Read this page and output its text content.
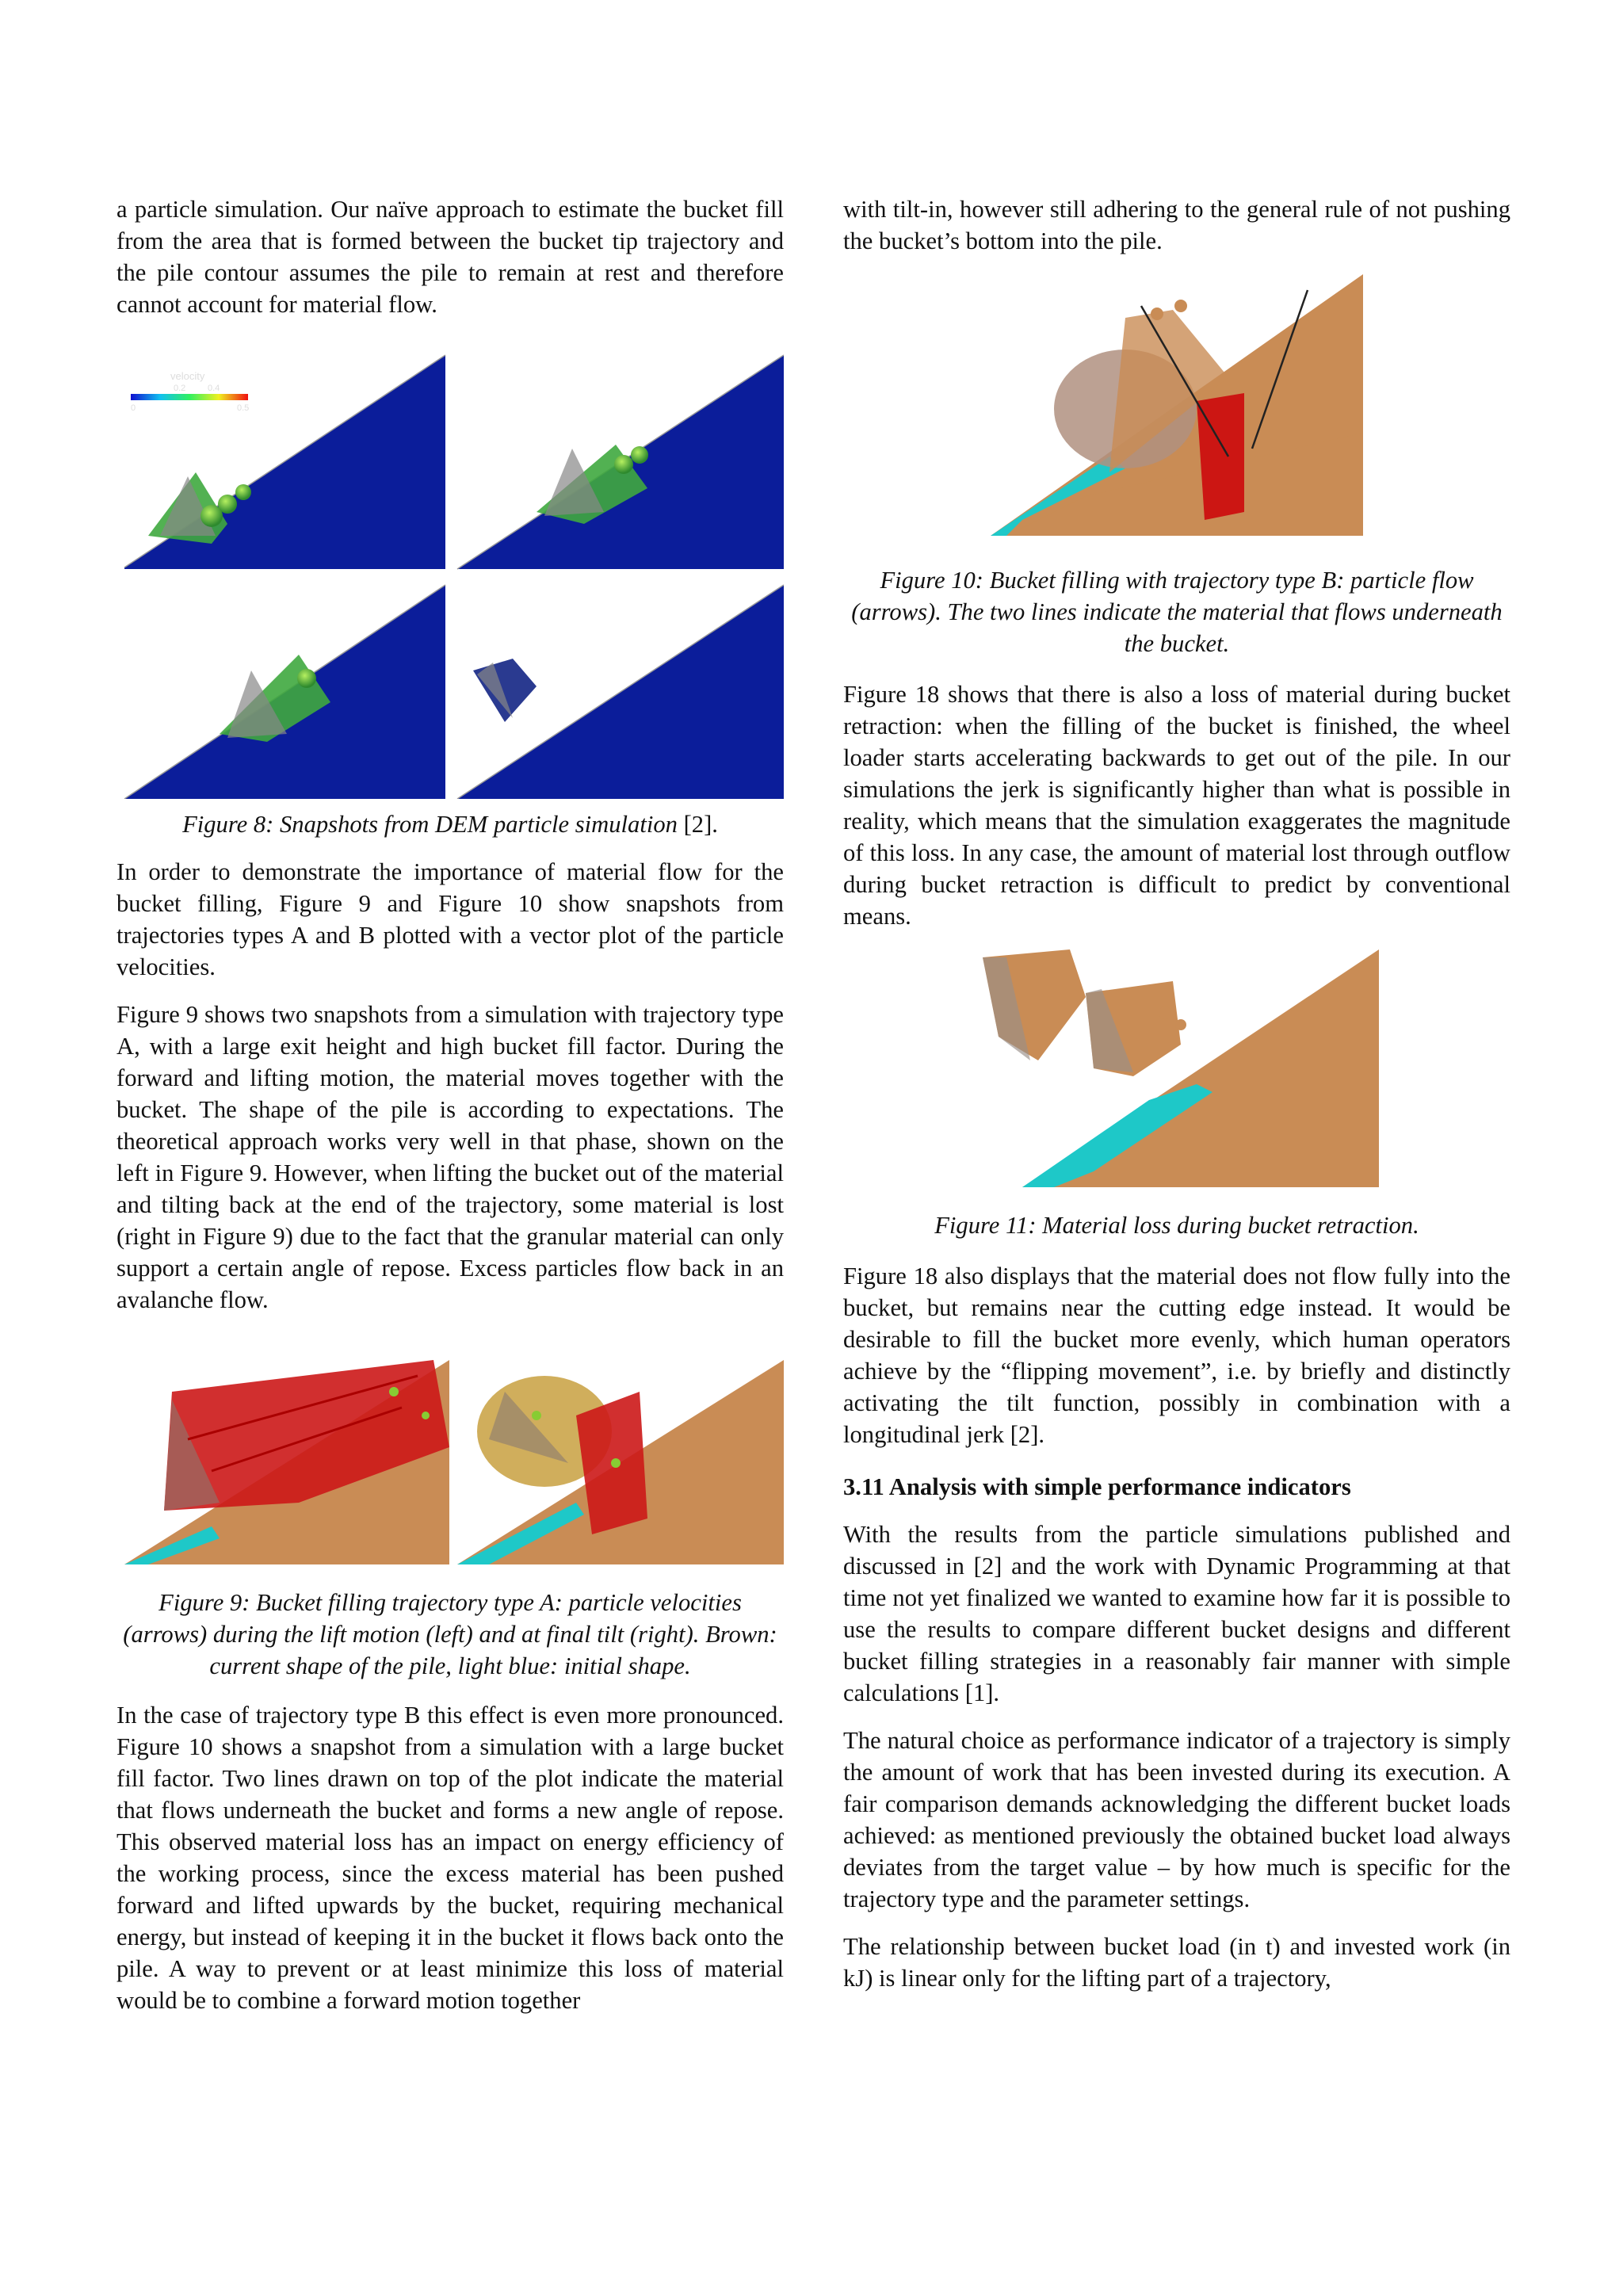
a particle simulation. Our naïve approach to estimate the bucket fill from the area that is formed between the bucket tip trajectory and the pile contour assumes the pile to remain at rest and therefore cannot account for material flow.

velocity
0.2	0.4
0	0.5

Figure 8: Snapshots from DEM particle simulation [2].

In order to demonstrate the importance of material flow for the bucket filling, Figure 9 and Figure 10 show snapshots from trajectories types A and B plotted with a vector plot of the particle velocities.

Figure 9 shows two snapshots from a simulation with trajectory type A, with a large exit height and high bucket fill factor. During the forward and lifting motion, the material moves together with the bucket. The shape of the pile is according to expectations. The theoretical approach works very well in that phase, shown on the left in Figure 9. However, when lifting the bucket out of the material and tilting back at the end of the trajectory, some material is lost (right in Figure 9) due to the fact that the granular material can only support a certain angle of repose. Excess particles flow back in an avalanche flow.

Figure 9: Bucket filling trajectory type A: particle velocities (arrows) during the lift motion (left) and at final tilt (right). Brown: current shape of the pile, light blue: initial shape.

In the case of trajectory type B this effect is even more pronounced. Figure 10 shows a snapshot from a simulation with a large bucket fill factor. Two lines drawn on top of the plot indicate the material that flows underneath the bucket and forms a new angle of repose. This observed material loss has an impact on energy efficiency of the working process, since the excess material has been pushed forward and lifted upwards by the bucket, requiring mechanical energy, but instead of keeping it in the bucket it flows back onto the pile. A way to prevent or at least minimize this loss of material would be to combine a forward motion together

with tilt-in, however still adhering to the general rule of not pushing the bucket’s bottom into the pile.

Figure 10: Bucket filling with trajectory type B: particle flow (arrows). The two lines indicate the material that flows underneath the bucket.

Figure 18 shows that there is also a loss of material during bucket retraction: when the filling of the bucket is finished, the wheel loader starts accelerating backwards to get out of the pile. In our simulations the jerk is significantly higher than what is possible in reality, which means that the simulation exaggerates the magnitude of this loss. In any case, the amount of material lost through outflow during bucket retraction is difficult to predict by conventional means.

Figure 11: Material loss during bucket retraction.

Figure 18 also displays that the material does not flow fully into the bucket, but remains near the cutting edge instead. It would be desirable to fill the bucket more evenly, which human operators achieve by the “flipping movement”, i.e. by briefly and distinctly activating the tilt function, possibly in combination with a longitudinal jerk [2].

3.11 Analysis with simple performance indicators

With the results from the particle simulations published and discussed in [2] and the work with Dynamic Programming at that time not yet finalized we wanted to examine how far it is possible to use the results to compare different bucket designs and different bucket filling strategies in a reasonably fair manner with simple calculations [1].

The natural choice as performance indicator of a trajectory is simply the amount of work that has been invested during its execution. A fair comparison demands acknowledging the different bucket loads achieved: as mentioned previously the obtained bucket load always deviates from the target value – by how much is specific for the trajectory type and the parameter settings.

The relationship between bucket load (in t) and invested work (in kJ) is linear only for the lifting part of a trajectory,
